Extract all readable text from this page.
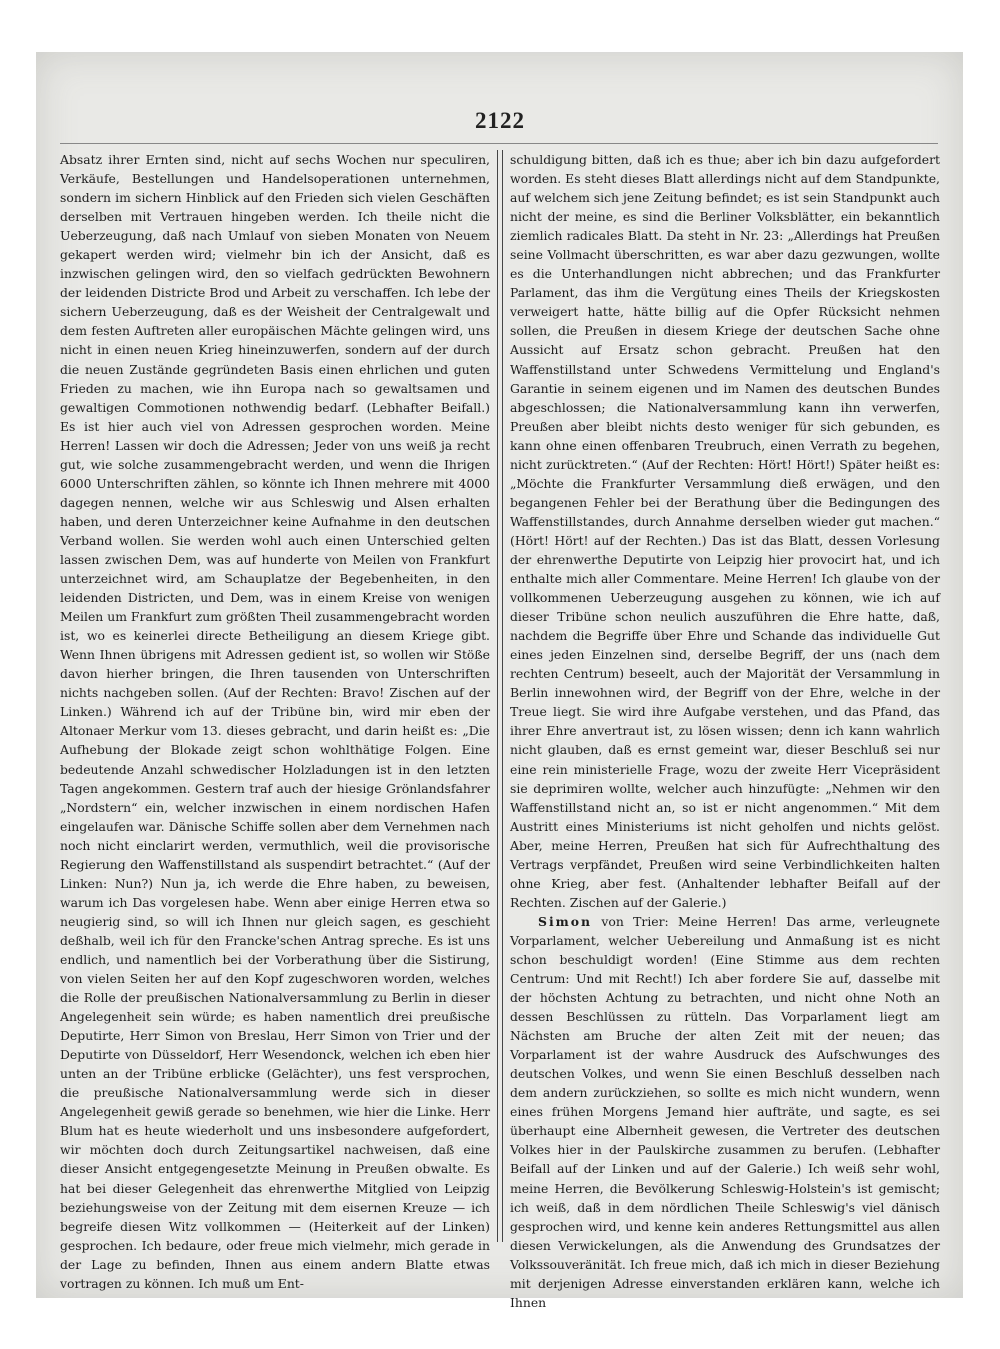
2122

Absatz ihrer Ernten sind, nicht auf sechs Wochen nur speculiren, Verkäufe, Bestellungen und Handelsoperationen unternehmen, sondern im sichern Hinblick auf den Frieden sich vielen Geschäften derselben mit Vertrauen hingeben werden. Ich theile nicht die Ueberzeugung, daß nach Umlauf von sieben Monaten von Neuem gekapert werden wird; vielmehr bin ich der Ansicht, daß es inzwischen gelingen wird, den so vielfach gedrückten Bewohnern der leidenden Districte Brod und Arbeit zu verschaffen. Ich lebe der sichern Ueberzeugung, daß es der Weisheit der Centralgewalt und dem festen Auftreten aller europäischen Mächte gelingen wird, uns nicht in einen neuen Krieg hineinzuwerfen, sondern auf der durch die neuen Zustände gegründeten Basis einen ehrlichen und guten Frieden zu machen, wie ihn Europa nach so gewaltsamen und gewaltigen Commotionen nothwendig bedarf. (Lebhafter Beifall.) Es ist hier auch viel von Adressen gesprochen worden. Meine Herren! Lassen wir doch die Adressen; Jeder von uns weiß ja recht gut, wie solche zusammengebracht werden, und wenn die Ihrigen 6000 Unterschriften zählen, so könnte ich Ihnen mehrere mit 4000 dagegen nennen, welche wir aus Schleswig und Alsen erhalten haben, und deren Unterzeichner keine Aufnahme in den deutschen Verband wollen. Sie werden wohl auch einen Unterschied gelten lassen zwischen Dem, was auf hunderte von Meilen von Frankfurt unterzeichnet wird, am Schauplatze der Begebenheiten, in den leidenden Districten, und Dem, was in einem Kreise von wenigen Meilen um Frankfurt zum größten Theil zusammengebracht worden ist, wo es keinerlei directe Betheiligung an diesem Kriege gibt. Wenn Ihnen übrigens mit Adressen gedient ist, so wollen wir Stöße davon hierher bringen, die Ihren tausenden von Unterschriften nichts nachgeben sollen. (Auf der Rechten: Bravo! Zischen auf der Linken.) Während ich auf der Tribüne bin, wird mir eben der Altonaer Merkur vom 13. dieses gebracht, und darin heißt es: „Die Aufhebung der Blokade zeigt schon wohlthätige Folgen. Eine bedeutende Anzahl schwedischer Holzladungen ist in den letzten Tagen angekommen. Gestern traf auch der hiesige Grönlandsfahrer „Nordstern“ ein, welcher inzwischen in einem nordischen Hafen eingelaufen war. Dänische Schiffe sollen aber dem Vernehmen nach noch nicht einclarirt werden, vermuthlich, weil die provisorische Regierung den Waffenstillstand als suspendirt betrachtet.“ (Auf der Linken: Nun?) Nun ja, ich werde die Ehre haben, zu beweisen, warum ich Das vorgelesen habe. Wenn aber einige Herren etwa so neugierig sind, so will ich Ihnen nur gleich sagen, es geschieht deßhalb, weil ich für den Francke'schen Antrag spreche. Es ist uns endlich, und namentlich bei der Vorberathung über die Sistirung, von vielen Seiten her auf den Kopf zugeschworen worden, welches die Rolle der preußischen Nationalversammlung zu Berlin in dieser Angelegenheit sein würde; es haben namentlich drei preußische Deputirte, Herr Simon von Breslau, Herr Simon von Trier und der Deputirte von Düsseldorf, Herr Wesendonck, welchen ich eben hier unten an der Tribüne erblicke (Gelächter), uns fest versprochen, die preußische Nationalversammlung werde sich in dieser Angelegenheit gewiß gerade so benehmen, wie hier die Linke. Herr Blum hat es heute wiederholt und uns insbesondere aufgefordert, wir möchten doch durch Zeitungsartikel nachweisen, daß eine dieser Ansicht entgegengesetzte Meinung in Preußen obwalte. Es hat bei dieser Gelegenheit das ehrenwerthe Mitglied von Leipzig beziehungsweise von der Zeitung mit dem eisernen Kreuze — ich begreife diesen Witz vollkommen — (Heiterkeit auf der Linken) gesprochen. Ich bedaure, oder freue mich vielmehr, mich gerade in der Lage zu befinden, Ihnen aus einem andern Blatte etwas vortragen zu können. Ich muß um Ent-

schuldigung bitten, daß ich es thue; aber ich bin dazu aufgefordert worden. Es steht dieses Blatt allerdings nicht auf dem Standpunkte, auf welchem sich jene Zeitung befindet; es ist sein Standpunkt auch nicht der meine, es sind die Berliner Volksblätter, ein bekanntlich ziemlich radicales Blatt. Da steht in Nr. 23: „Allerdings hat Preußen seine Vollmacht überschritten, es war aber dazu gezwungen, wollte es die Unterhandlungen nicht abbrechen; und das Frankfurter Parlament, das ihm die Vergütung eines Theils der Kriegskosten verweigert hatte, hätte billig auf die Opfer Rücksicht nehmen sollen, die Preußen in diesem Kriege der deutschen Sache ohne Aussicht auf Ersatz schon gebracht. Preußen hat den Waffenstillstand unter Schwedens Vermittelung und England's Garantie in seinem eigenen und im Namen des deutschen Bundes abgeschlossen; die Nationalversammlung kann ihn verwerfen, Preußen aber bleibt nichts desto weniger für sich gebunden, es kann ohne einen offenbaren Treubruch, einen Verrath zu begehen, nicht zurücktreten.“ (Auf der Rechten: Hört! Hört!) Später heißt es: „Möchte die Frankfurter Versammlung dieß erwägen, und den begangenen Fehler bei der Berathung über die Bedingungen des Waffenstillstandes, durch Annahme derselben wieder gut machen.“ (Hört! Hört! auf der Rechten.) Das ist das Blatt, dessen Vorlesung der ehrenwerthe Deputirte von Leipzig hier provocirt hat, und ich enthalte mich aller Commentare. Meine Herren! Ich glaube von der vollkommenen Ueberzeugung ausgehen zu können, wie ich auf dieser Tribüne schon neulich auszuführen die Ehre hatte, daß, nachdem die Begriffe über Ehre und Schande das individuelle Gut eines jeden Einzelnen sind, derselbe Begriff, der uns (nach dem rechten Centrum) beseelt, auch der Majorität der Versammlung in Berlin innewohnen wird, der Begriff von der Ehre, welche in der Treue liegt. Sie wird ihre Aufgabe verstehen, und das Pfand, das ihrer Ehre anvertraut ist, zu lösen wissen; denn ich kann wahrlich nicht glauben, daß es ernst gemeint war, dieser Beschluß sei nur eine rein ministerielle Frage, wozu der zweite Herr Vicepräsident sie deprimiren wollte, welcher auch hinzufügte: „Nehmen wir den Waffenstillstand nicht an, so ist er nicht angenommen.“ Mit dem Austritt eines Ministeriums ist nicht geholfen und nichts gelöst. Aber, meine Herren, Preußen hat sich für Aufrechthaltung des Vertrags verpfändet, Preußen wird seine Verbindlichkeiten halten ohne Krieg, aber fest. (Anhaltender lebhafter Beifall auf der Rechten. Zischen auf der Galerie.)

Simon von Trier: Meine Herren! Das arme, verleugnete Vorparlament, welcher Uebereilung und Anmaßung ist es nicht schon beschuldigt worden! (Eine Stimme aus dem rechten Centrum: Und mit Recht!) Ich aber fordere Sie auf, dasselbe mit der höchsten Achtung zu betrachten, und nicht ohne Noth an dessen Beschlüssen zu rütteln. Das Vorparlament liegt am Nächsten am Bruche der alten Zeit mit der neuen; das Vorparlament ist der wahre Ausdruck des Aufschwunges des deutschen Volkes, und wenn Sie einen Beschluß desselben nach dem andern zurückziehen, so sollte es mich nicht wundern, wenn eines frühen Morgens Jemand hier aufträte, und sagte, es sei überhaupt eine Albernheit gewesen, die Vertreter des deutschen Volkes hier in der Paulskirche zusammen zu berufen. (Lebhafter Beifall auf der Linken und auf der Galerie.) Ich weiß sehr wohl, meine Herren, die Bevölkerung Schleswig-Holstein's ist gemischt; ich weiß, daß in dem nördlichen Theile Schleswig's viel dänisch gesprochen wird, und kenne kein anderes Rettungsmittel aus allen diesen Verwickelungen, als die Anwendung des Grundsatzes der Volkssouveränität. Ich freue mich, daß ich mich in dieser Beziehung mit derjenigen Adresse einverstanden erklären kann, welche ich Ihnen
